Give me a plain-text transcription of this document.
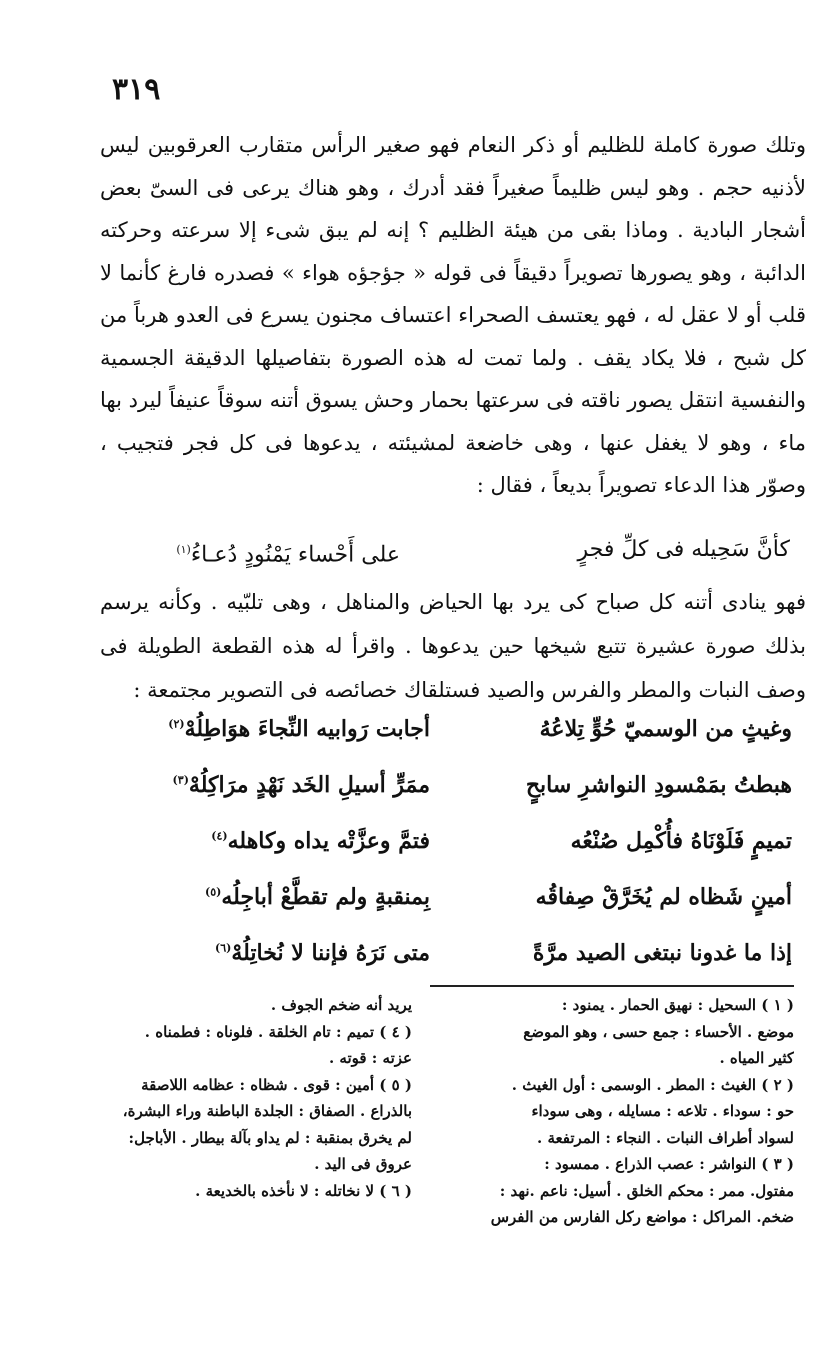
٣١٩

وتلك صورة كاملة للظليم أو ذكر النعام فهو صغير الرأس متقارب العرقوبين ليس لأذنيه حجم . وهو ليس ظليماً صغيراً فقد أدرك ، وهو هناك يرعى فى السىّ بعض أشجار البادية . وماذا بقى من هيئة الظليم ؟ إنه لم يبق شىء إلا سرعته وحركته الدائبة ، وهو يصورها تصويراً دقيقاً فى قوله « جؤجؤه هواء » فصدره فارغ كأنما لا قلب أو لا عقل له ، فهو يعتسف الصحراء اعتساف مجنون يسرع فى العدو هرباً من كل شبح ، فلا يكاد يقف . ولما تمت له هذه الصورة بتفاصيلها الدقيقة الجسمية والنفسية انتقل يصور ناقته فى سرعتها بحمار وحش يسوق أتنه سوقاً عنيفاً ليرد بها ماء ، وهو لا يغفل عنها ، وهى خاضعة لمشيئته ، يدعوها فى كل فجر فتجيب ، وصوّر هذا الدعاء تصويراً بديعاً ، فقال :

كأنَّ سَحِيله فى كلِّ فجرٍ
على أَحْساء يَمْنُودٍ دُعـاءُ$^{(١)}$
فهو ينادى أتنه كل صباح كى يرد بها الحياض والمناهل ، وهى تلبّيه . وكأنه يرسم بذلك صورة عشيرة تتبع شيخها حين يدعوها . واقرأ له هذه القطعة الطويلة فى وصف النبات والمطر والفرس والصيد فستلقاك خصائصه فى التصوير مجتمعة :
وغيثٍ من الوسميّ حُوٍّ تِلاعُهُ
أجابت رَوابيه النِّجاءَ هوَاطِلُهْ$^{(٢)}$
هبطتُ بمَمْسودِ النواشرِ سابحٍ
ممَرٍّ أسيلِ الخَد نَهْدٍ مرَاكِلُهْ$^{(٣)}$
تميمٍ فَلَوْنَاهُ فأُكْمِل صُنْعُه
فتمَّ وعزَّتْه يداه وكاهله$^{(٤)}$
أمينٍ شَظاه لم يُخَرَّقْ صِفاقُه
بِمنقبةٍ ولم تقطَّعْ أباجِلُه$^{(٥)}$
إذا ما غدونا نبتغى الصيد مرَّةً
متى نَرَهُ فإننا لا نُخاتِلُهْ$^{(٦)}$
( ١ ) السحيل : نهيق الحمار . يمنود :
موضع . الأحساء : جمع حسى ، وهو الموضع
كثير المياه .
( ٢ ) الغيث : المطر . الوسمى : أول الغيث .
حو : سوداء . تلاعه : مسايله ، وهى سوداء
لسواد أطراف النبات . النجاء : المرتفعة .
( ٣ ) النواشر : عصب الذراع . ممسود :
مفتول. ممر : محكم الخلق . أسيل: ناعم .نهد :
ضخم. المراكل : مواضع ركل الفارس من الفرس
يريد أنه ضخم الجوف .
( ٤ ) تميم : تام الخلقة . فلوناه : فطمناه .
عزته : قوته .
( ٥ ) أمين : قوى . شظاه : عظامه اللاصقة
بالذراع . الصفاق : الجلدة الباطنة وراء البشرة،
لم يخرق بمنقبة : لم يداو بآلة بيطار . الأباجل:
عروق فى اليد .
( ٦ ) لا نخاتله : لا نأخذه بالخديعة .
